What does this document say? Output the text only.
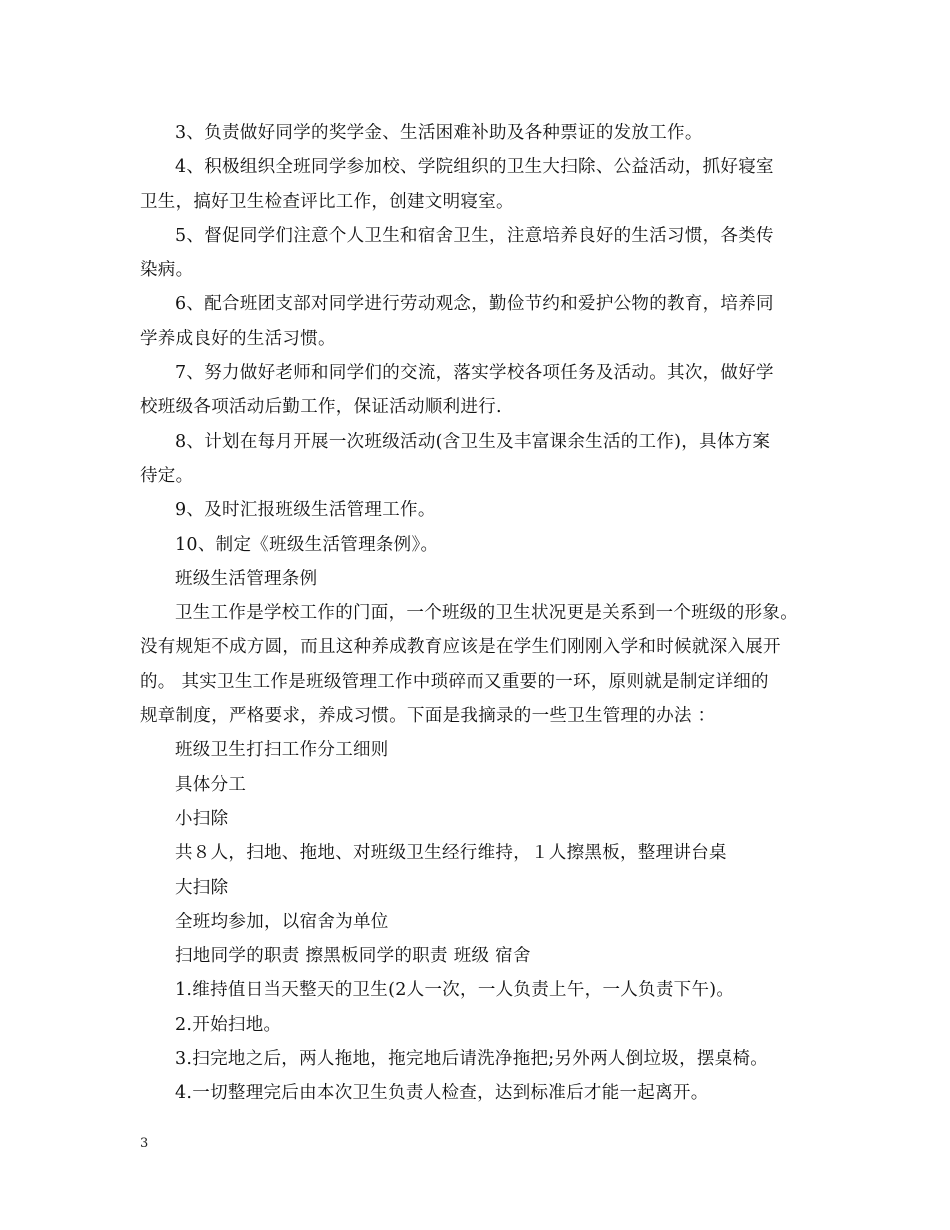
3、负责做好同学的奖学金、生活困难补助及各种票证的发放工作。

4、积极组织全班同学参加校、学院组织的卫生大扫除、公益活动，抓好寝室
卫生，搞好卫生检查评比工作，创建文明寝室。

5、督促同学们注意个人卫生和宿舍卫生，注意培养良好的生活习惯，各类传
染病。

6、配合班团支部对同学进行劳动观念，勤俭节约和爱护公物的教育，培养同
学养成良好的生活习惯。

7、努力做好老师和同学们的交流，落实学校各项任务及活动。其次，做好学
校班级各项活动后勤工作，保证活动顺利进行.

8、计划在每月开展一次班级活动(含卫生及丰富课余生活的工作)，具体方案
待定。

9、及时汇报班级生活管理工作。

10、制定《班级生活管理条例》。

班级生活管理条例

卫生工作是学校工作的门面，一个班级的卫生状况更是关系到一个班级的形象。
没有规矩不成方圆，而且这种养成教育应该是在学生们刚刚入学和时候就深入展开
的。 其实卫生工作是班级管理工作中琐碎而又重要的一环，原则就是制定详细的
规章制度，严格要求，养成习惯。下面是我摘录的一些卫生管理的办法 ：

班级卫生打扫工作分工细则

具体分工

小扫除

共８人，扫地、拖地、对班级卫生经行维持，１人擦黑板，整理讲台桌

大扫除

全班均参加，以宿舍为单位

扫地同学的职责 擦黑板同学的职责 班级 宿舍

1.维持值日当天整天的卫生(2人一次，一人负责上午，一人负责下午)。

2.开始扫地。

3.扫完地之后，两人拖地，拖完地后请洗净拖把;另外两人倒垃圾，摆桌椅。

4.一切整理完后由本次卫生负责人检查，达到标准后才能一起离开。

3
